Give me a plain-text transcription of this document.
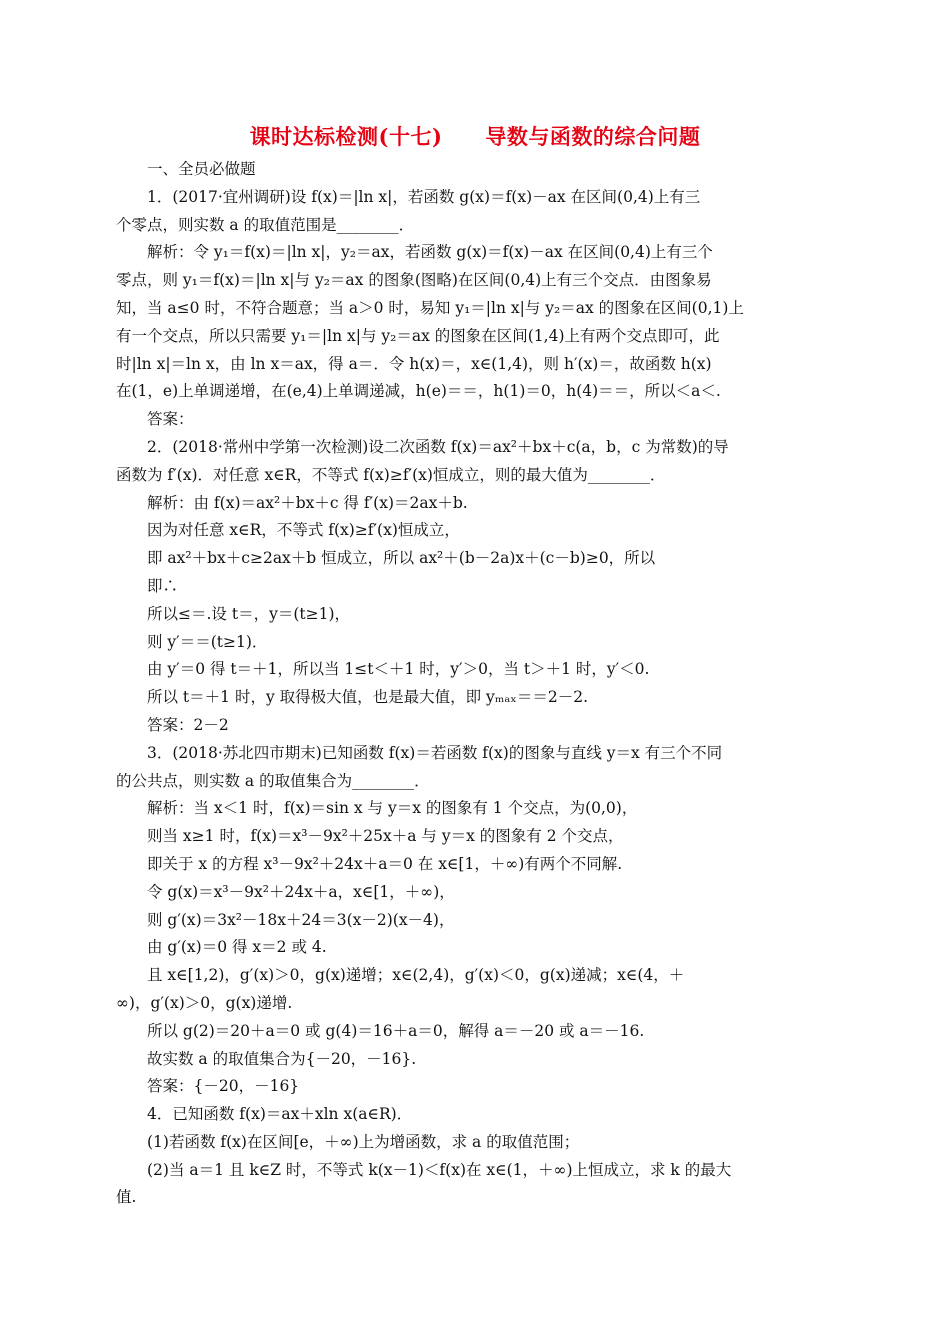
课时达标检测(十七)　　导数与函数的综合问题
一、全员必做题
1．(2017·宜州调研)设 f(x)＝|ln x|，若函数 g(x)＝f(x)－ax 在区间(0,4)上有三
个零点，则实数 a 的取值范围是________．
解析：令 y₁＝f(x)＝|ln x|，y₂＝ax，若函数 g(x)＝f(x)－ax 在区间(0,4)上有三个
零点，则 y₁＝f(x)＝|ln x|与 y₂＝ax 的图象(图略)在区间(0,4)上有三个交点．由图象易
知，当 a≤0 时，不符合题意；当 a＞0 时，易知 y₁＝|ln x|与 y₂＝ax 的图象在区间(0,1)上
有一个交点，所以只需要 y₁＝|ln x|与 y₂＝ax 的图象在区间(1,4)上有两个交点即可，此
时|ln x|＝ln x，由 ln x＝ax，得 a＝．令 h(x)＝，x∈(1,4)，则 h′(x)＝，故函数 h(x)
在(1，e)上单调递增，在(e,4)上单调递减，h(e)＝＝，h(1)＝0，h(4)＝＝，所以＜a＜.
答案：
2．(2018·常州中学第一次检测)设二次函数 f(x)＝ax²＋bx＋c(a，b，c 为常数)的导
函数为 f′(x)．对任意 x∈R，不等式 f(x)≥f′(x)恒成立，则的最大值为________．
解析：由 f(x)＝ax²＋bx＋c 得 f′(x)＝2ax＋b.
因为对任意 x∈R，不等式 f(x)≥f′(x)恒成立，
即 ax²＋bx＋c≥2ax＋b 恒成立，所以 ax²＋(b－2a)x＋(c－b)≥0，所以
即∴
所以≤＝.设 t＝，y＝(t≥1)，
则 y′＝＝(t≥1)．
由 y′＝0 得 t＝＋1，所以当 1≤t＜＋1 时，y′＞0，当 t＞＋1 时，y′＜0.
所以 t＝＋1 时，y 取得极大值，也是最大值，即 yₘₐₓ＝＝2－2.
答案：2－2
3．(2018·苏北四市期末)已知函数 f(x)＝若函数 f(x)的图象与直线 y＝x 有三个不同
的公共点，则实数 a 的取值集合为________．
解析：当 x＜1 时，f(x)＝sin x 与 y＝x 的图象有 1 个交点，为(0,0)，
则当 x≥1 时，f(x)＝x³－9x²＋25x＋a 与 y＝x 的图象有 2 个交点，
即关于 x 的方程 x³－9x²＋24x＋a＝0 在 x∈[1，＋∞)有两个不同解.
令 g(x)＝x³－9x²＋24x＋a，x∈[1，＋∞)，
则 g′(x)＝3x²－18x＋24＝3(x－2)(x－4)，
由 g′(x)＝0 得 x＝2 或 4.
且 x∈[1,2)，g′(x)＞0，g(x)递增；x∈(2,4)，g′(x)＜0，g(x)递减；x∈(4，＋
∞)，g′(x)＞0，g(x)递增.
所以 g(2)＝20＋a＝0 或 g(4)＝16＋a＝0，解得 a＝－20 或 a＝－16.
故实数 a 的取值集合为{－20，－16}.
答案：{－20，－16}
4．已知函数 f(x)＝ax＋xln x(a∈R)．
(1)若函数 f(x)在区间[e，＋∞)上为增函数，求 a 的取值范围；
(2)当 a＝1 且 k∈Z 时，不等式 k(x－1)＜f(x)在 x∈(1，＋∞)上恒成立，求 k 的最大
值.
